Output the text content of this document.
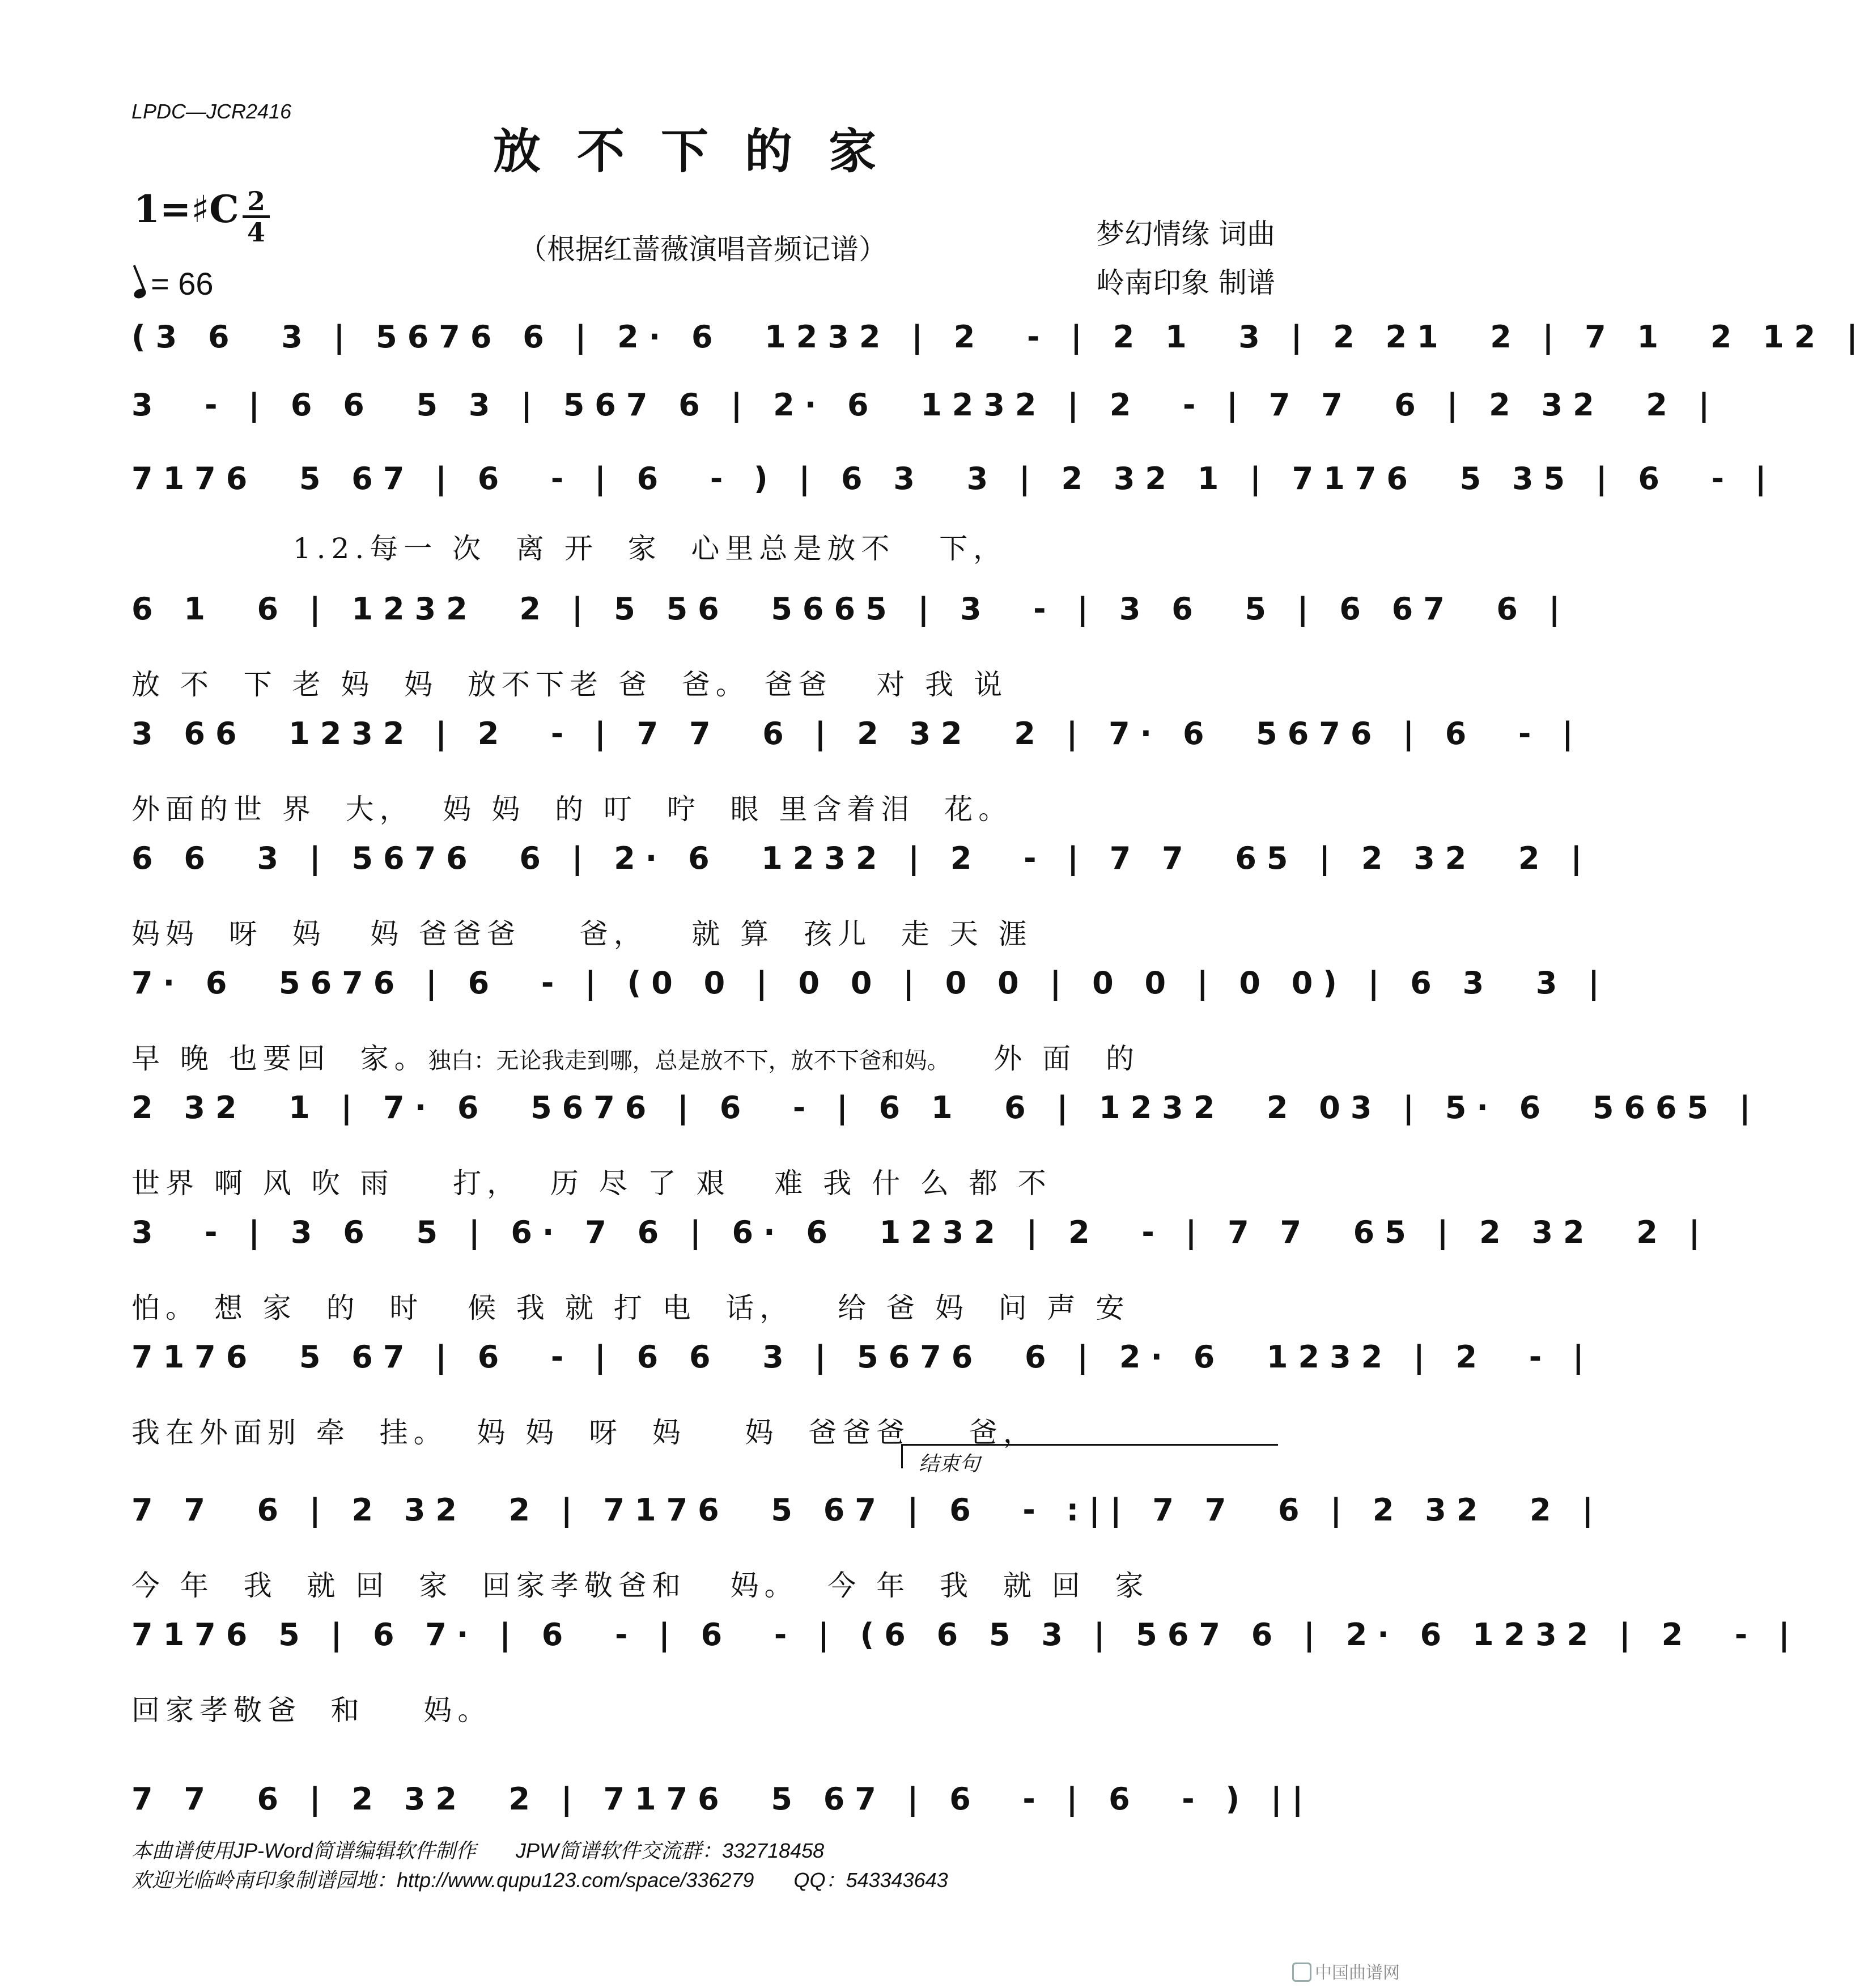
LPDC—JCR2416
放不下的家
1=♯C 2
4
= 66
（根据红蔷薇演唱音频记谱）	梦幻情缘 词曲
岭南印象 制谱
(3 6  3 | 5676 6 | 2· 6  1232 | 2  - | 2 1  3 | 2 21  2 | 7 1  2 12 |
3  - | 6 6  5 3 | 567 6 | 2· 6  1232 | 2  - | 7 7  6 | 2 32  2 |
7176  5 67 | 6  - | 6  - ) | 6 3  3 | 2 32 1 | 7176  5 35 | 6  - |
1.2.每一 次  离 开  家  心里总是放不   下，
6 1  6 | 1232  2 | 5 56  5665 | 3  - | 3 6  5 | 6 67  6 |
放 不  下 老 妈  妈  放不下老 爸  爸。 爸爸   对 我 说
3 66  1232 | 2  - | 7 7  6 | 2 32  2 | 7· 6  5676 | 6  - |
外面的世 界  大，  妈 妈  的 叮  咛  眼 里含着泪  花。
6 6  3 | 5676  6 | 2· 6  1232 | 2  - | 7 7  65 | 2 32  2 |
妈妈  呀  妈   妈 爸爸爸    爸，   就 算  孩儿  走 天 涯
7· 6  5676 | 6  - | (0 0 | 0 0 | 0 0 | 0 0 | 0 0) | 6 3  3 |
早 晚 也要回  家。独白：无论我走到哪，总是放不下，放不下爸和妈。 外 面  的
2 32  1 | 7· 6  5676 | 6  - | 6 1  6 | 1232  2 03 | 5· 6  5665 |
世界 啊 风 吹 雨    打，  历 尽 了 艰   难 我 什 么 都 不
3  - | 3 6  5 | 6· 7 6 | 6· 6  1232 | 2  - | 7 7  65 | 2 32  2 |
怕。 想 家  的  时   候 我 就 打 电  话，   给 爸 妈  问 声 安
7176  5 67 | 6  - | 6 6  3 | 5676  6 | 2· 6  1232 | 2  - |
我在外面别 牵  挂。  妈 妈  呀  妈    妈  爸爸爸    爸，
结束句
7 7  6 | 2 32  2 | 7176  5 67 | 6  - :|| 7 7  6 | 2 32  2 |
今 年  我  就 回  家  回家孝敬爸和   妈。  今 年  我  就 回  家
7176 5 | 6 7· | 6  - | 6  - | (6 6 5 3 | 567 6 | 2· 6 1232 | 2  - |
回家孝敬爸  和    妈。
7 7  6 | 2 32  2 | 7176  5 67 | 6  - | 6  - ) ||
本曲谱使用JP-Word简谱编辑软件制作       JPW简谱软件交流群：332718458
欢迎光临岭南印象制谱园地：http://www.qupu123.com/space/336279       QQ：543343643
中国曲谱网
